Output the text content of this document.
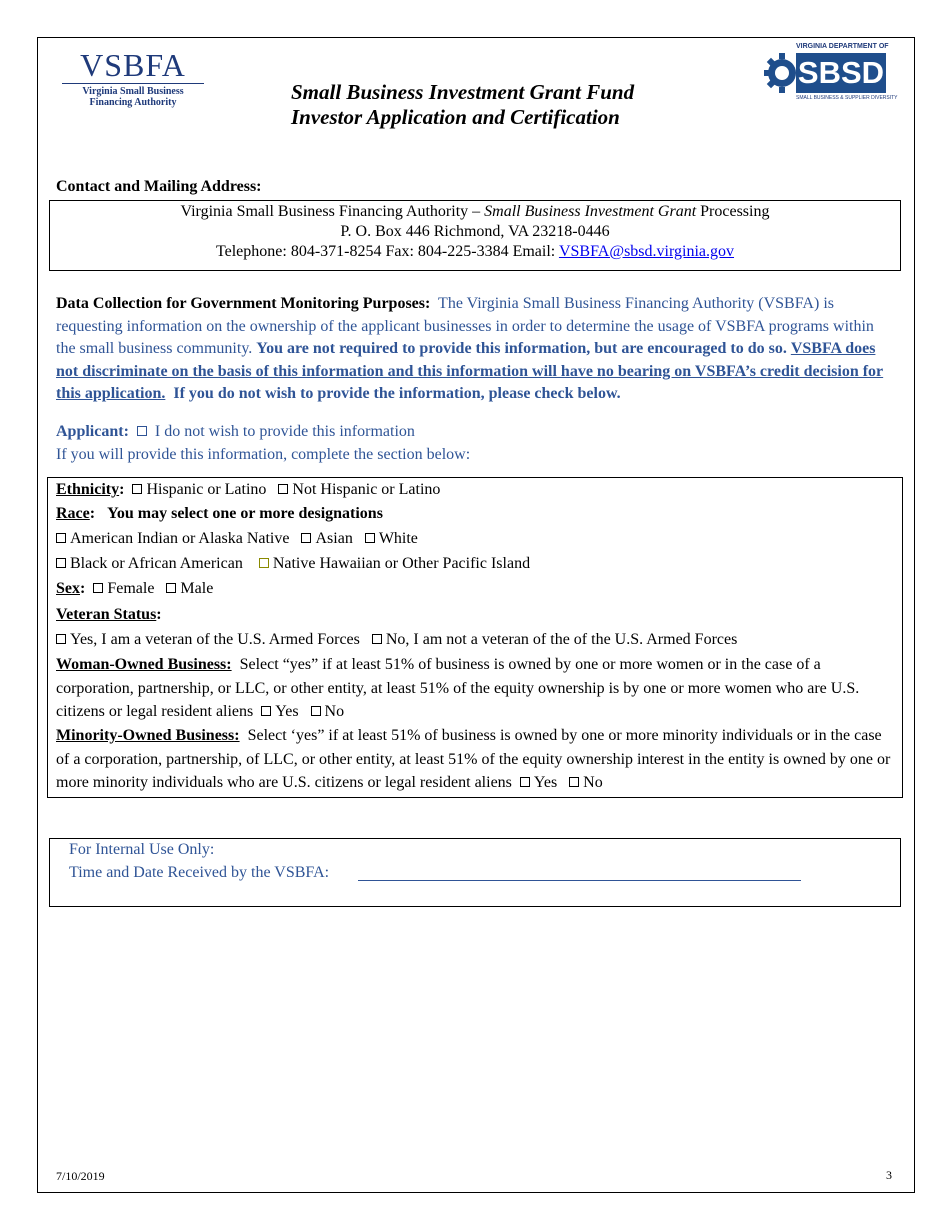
VSBFA
Virginia Small Business
Financing Authority	Small Business Investment Grant Fund
Investor Application and Certification
VIRGINIA DEPARTMENT OF
SBSD
SMALL BUSINESS & SUPPLIER DIVERSITY
Contact and Mailing Address:
Virginia Small Business Financing Authority – Small Business Investment Grant Processing
P. O. Box 446 Richmond, VA 23218-0446
Telephone: 804-371-8254 Fax: 804-225-3384 Email: VSBFA@sbsd.virginia.gov
Data Collection for Government Monitoring Purposes: The Virginia Small Business Financing Authority (VSBFA) is requesting information on the ownership of the applicant businesses in order to determine the usage of VSBFA programs within the small business community. You are not required to provide this information, but are encouraged to do so. VSBFA does not discriminate on the basis of this information and this information will have no bearing on VSBFA’s credit decision for this application. If you do not wish to provide the information, please check below.
Applicant: I do not wish to provide this information
If you will provide this information, complete the section below:
Ethnicity: Hispanic or Latino Not Hispanic or Latino
Race: You may select one or more designations
American Indian or Alaska Native Asian White
Black or African American Native Hawaiian or Other Pacific Island
Sex: Female Male
Veteran Status:
Yes, I am a veteran of the U.S. Armed Forces No, I am not a veteran of the of the U.S. Armed Forces
Woman-Owned Business: Select “yes” if at least 51% of business is owned by one or more women or in the case of a corporation, partnership, or LLC, or other entity, at least 51% of the equity ownership is by one or more women who are U.S. citizens or legal resident aliens Yes No
Minority-Owned Business: Select ‘yes” if at least 51% of business is owned by one or more minority individuals or in the case of a corporation, partnership, of LLC, or other entity, at least 51% of the equity ownership interest in the entity is owned by one or more minority individuals who are U.S. citizens or legal resident aliens Yes No
For Internal Use Only:
Time and Date Received by the VSBFA:
7/10/2019	3
